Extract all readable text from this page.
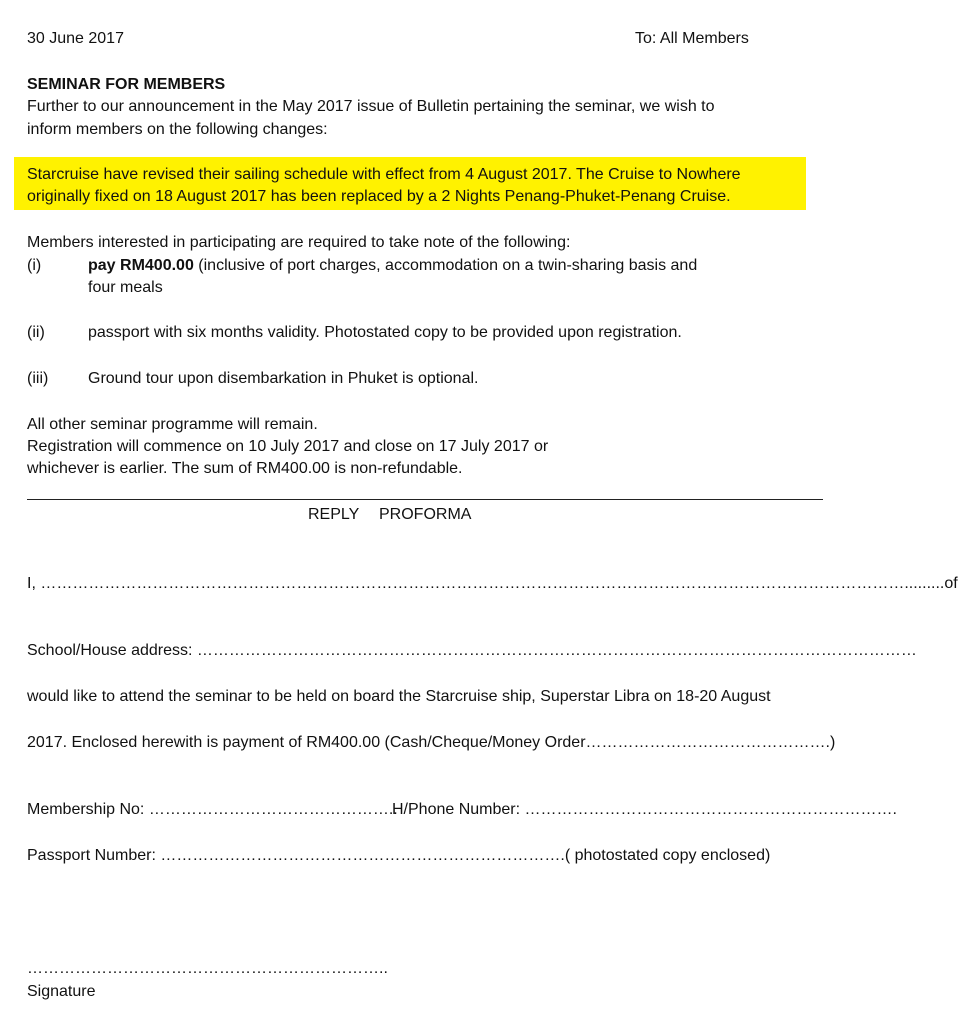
30 June 2017	To: All Members
SEMINAR FOR MEMBERS
Further to our announcement in the May 2017 issue of Bulletin pertaining the seminar, we wish to
inform members on the following changes:
Starcruise have revised their sailing schedule with effect from 4 August 2017. The Cruise to Nowhere
originally fixed on 18 August 2017 has been replaced by a 2 Nights Penang-Phuket-Penang Cruise.
Members interested in participating are required to take note of the following:
(i)	pay RM400.00 (inclusive of port charges, accommodation on a twin-sharing basis and
four meals
(ii)	passport with six months validity. Photostated copy to be provided upon registration.
(iii) Ground tour upon disembarkation in Phuket is optional.
All other seminar programme will remain.
Registration will commence on 10 July 2017 and close on 17 July 2017 or
whichever is earlier. The sum of RM400.00 is non-refundable.
REPLY PROFORMA
I, ……………………………………………………………………………………………………………………………………………….........of
School/House address: ………………………………………………………………………………………………………………………
would like to attend the seminar to be held on board the Starcruise ship, Superstar Libra on 18-20 August
2017. Enclosed herewith is payment of RM400.00 (Cash/Cheque/Money Order……………………………………….)
Membership No: ………………………………………..
H/Phone Number: …………………………………………………………….
Passport Number: ………………………………………………………………….( photostated copy enclosed)
…………………………………………………………..
Signature
